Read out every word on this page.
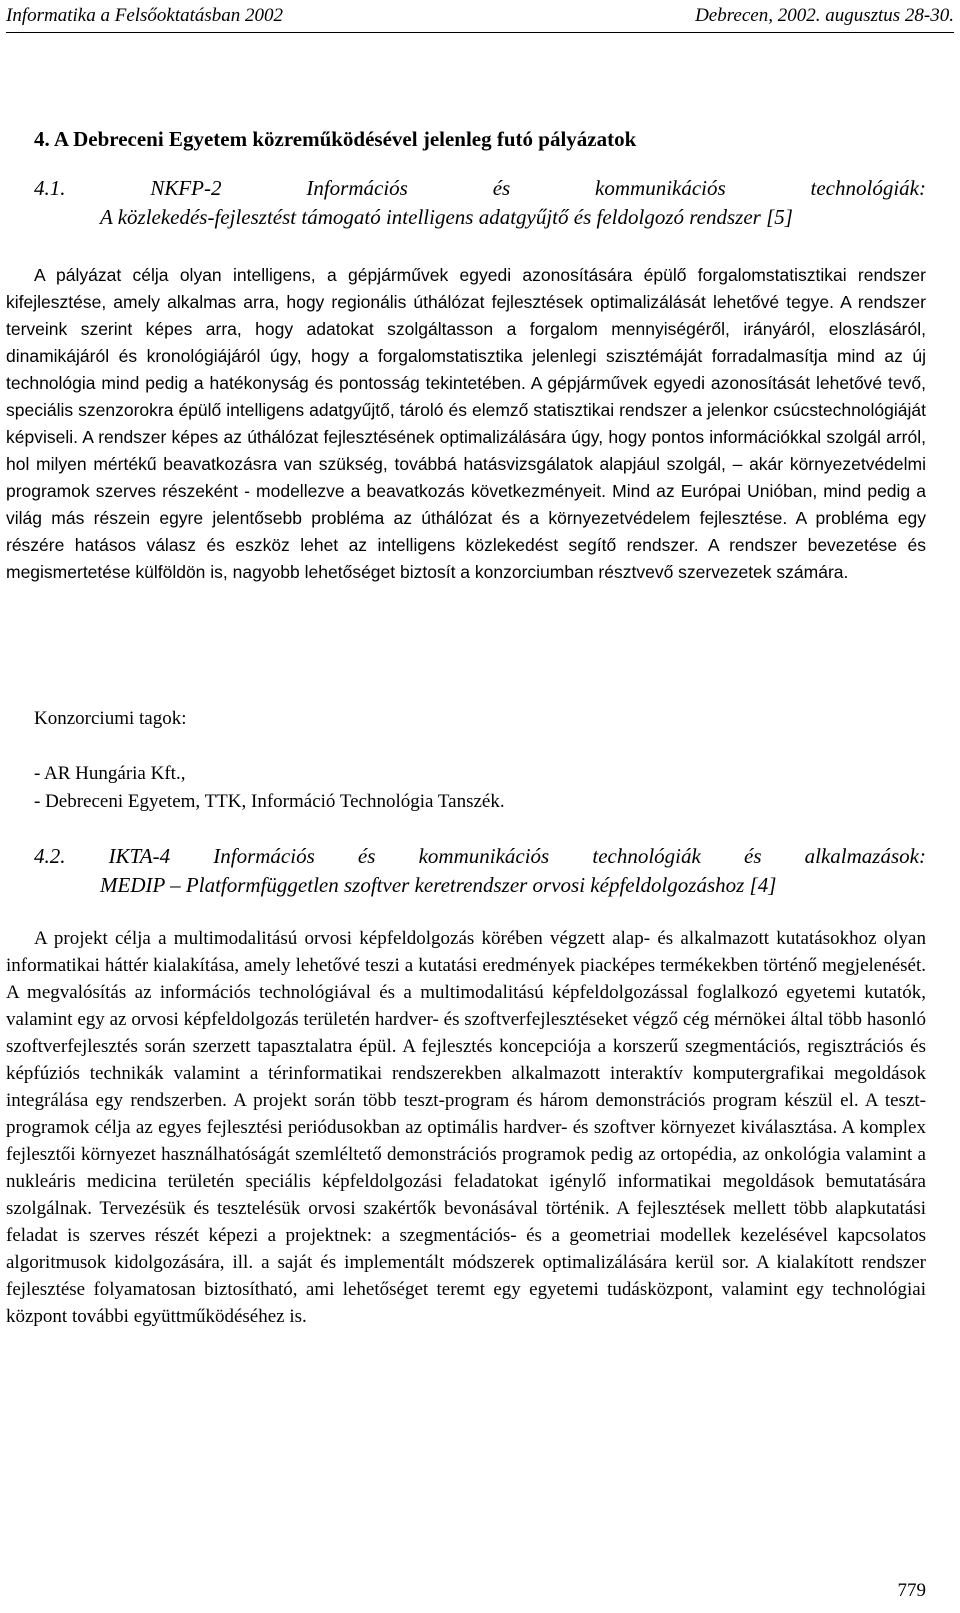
Informatika a Felsőoktatásban 2002	Debrecen, 2002. augusztus 28-30.
4. A Debreceni Egyetem közreműködésével jelenleg futó pályázatok
4.1.	NKFP-2	Információs	és	kommunikációs	technológiák:
A közlekedés-fejlesztést támogató intelligens adatgyűjtő és feldolgozó rendszer [5]

A pályázat célja olyan intelligens, a gépjárművek egyedi azonosítására épülő forgalomstatisztikai rendszer kifejlesztése, amely alkalmas arra, hogy regionális úthálózat fejlesztések optimalizálását lehetővé tegye. A rendszer terveink szerint képes arra, hogy adatokat szolgáltasson a forgalom mennyiségéről, irányáról, eloszlásáról, dinamikájáról és kronológiájáról úgy, hogy a forgalomstatisztika jelenlegi szisztémáját forradalmasítja mind az új technológia mind pedig a hatékonyság és pontosság tekintetében. A gépjárművek egyedi azonosítását lehetővé tevő, speciális szenzorokra épülő intelligens adatgyűjtő, tároló és elemző statisztikai rendszer a jelenkor csúcstechnológiáját képviseli. A rendszer képes az úthálózat fejlesztésének optimalizálására úgy, hogy pontos információkkal szolgál arról, hol milyen mértékű beavatkozásra van szükség, továbbá hatásvizsgálatok alapjául szolgál, – akár környezetvédelmi programok szerves részeként - modellezve a beavatkozás következményeit. Mind az Európai Unióban, mind pedig a világ más részein egyre jelentősebb probléma az úthálózat és a környezetvédelem fejlesztése. A probléma egy részére hatásos válasz és eszköz lehet az intelligens közlekedést segítő rendszer. A rendszer bevezetése és megismertetése külföldön is, nagyobb lehetőséget biztosít a konzorciumban résztvevő szervezetek számára.

Konzorciumi tagok:
- AR Hungária Kft.,
- Debreceni Egyetem, TTK, Információ Technológia Tanszék.
4.2. IKTA-4 Információs és kommunikációs technológiák és alkalmazások:
MEDIP – Platformfüggetlen szoftver keretrendszer orvosi képfeldolgozáshoz [4]

A projekt célja a multimodalitású orvosi képfeldolgozás körében végzett alap- és alkalmazott kutatásokhoz olyan informatikai háttér kialakítása, amely lehetővé teszi a kutatási eredmények piacképes termékekben történő megjelenését. A megvalósítás az információs technológiával és a multimodalitású képfeldolgozással foglalkozó egyetemi kutatók, valamint egy az orvosi képfeldolgozás területén hardver- és szoftverfejlesztéseket végző cég mérnökei által több hasonló szoftverfejlesztés során szerzett tapasztalatra épül. A fejlesztés koncepciója a korszerű szegmentációs, regisztrációs és képfúziós technikák valamint a térinformatikai rendszerekben alkalmazott interaktív komputergrafikai megoldások integrálása egy rendszerben. A projekt során több teszt-program és három demonstrációs program készül el. A teszt-programok célja az egyes fejlesztési periódusokban az optimális hardver- és szoftver környezet kiválasztása. A komplex fejlesztői környezet használhatóságát szemléltető demonstrációs programok pedig az ortopédia, az onkológia valamint a nukleáris medicina területén speciális képfeldolgozási feladatokat igénylő informatikai megoldások bemutatására szolgálnak. Tervezésük és tesztelésük orvosi szakértők bevonásával történik. A fejlesztések mellett több alapkutatási feladat is szerves részét képezi a projektnek: a szegmentációs- és a geometriai modellek kezelésével kapcsolatos algoritmusok kidolgozására, ill. a saját és implementált módszerek optimalizálására kerül sor. A kialakított rendszer fejlesztése folyamatosan biztosítható, ami lehetőséget teremt egy egyetemi tudásközpont, valamint egy technológiai központ további együttműködéséhez is.

779
